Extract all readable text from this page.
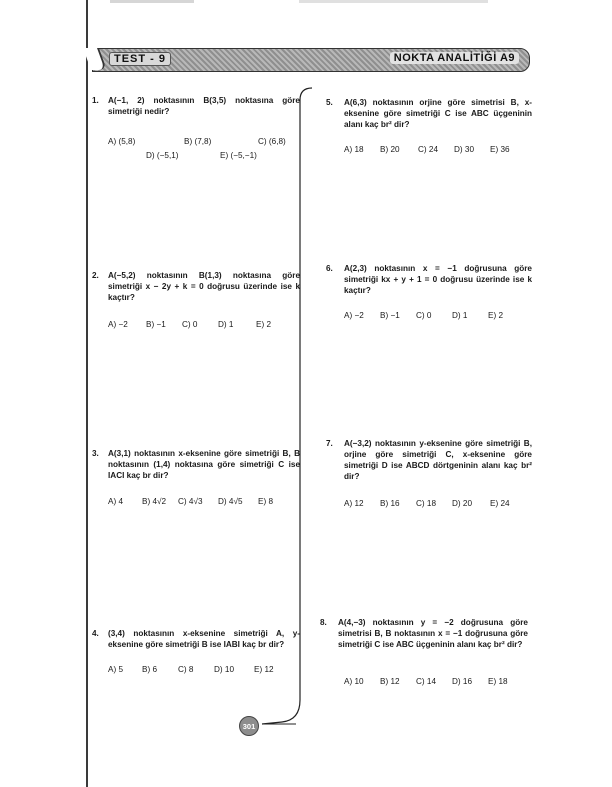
TEST - 9	NOKTA ANALİTİĞİ A9
1. A(−1, 2) noktasının B(3,5) noktasına göre simetriği nedir?
A) (5,8)	B) (7,8)	C) (6,8)
D) (−5,1)	E) (−5,−1)
2. A(−5,2) noktasının B(1,3) noktasına göre simetriği x − 2y + k = 0 doğrusu üzerinde ise k kaçtır?
A) −2 B) −1 C) 0	D) 1	E) 2
3. A(3,1) noktasının x-eksenine göre simetriği B, B noktasının (1,4) noktasına göre simetriği C ise IACI kaç br dir?
A) 4 B) 4√2 C) 4√3 D) 4√5 E) 8
4. (3,4) noktasının x-eksenine simetriği A, y-eksenine göre simetriği B ise IABI kaç br dir?
A) 5 B) 6	C) 8	D) 10 E) 12
5. A(6,3) noktasının orjine göre simetrisi B, x-eksenine göre simetriği C ise ABC üçgeninin alanı kaç br² dir?
A) 18 B) 20 C) 24 D) 30 E) 36
6. A(2,3) noktasının x = −1 doğrusuna göre simetriği kx + y + 1 = 0 doğrusu üzerinde ise k kaçtır?
A) −2 B) −1 C) 0	D) 1	E) 2
7. A(−3,2) noktasının y-eksenine göre simetriği B, orjine göre simetriği C, x-eksenine göre simetriği D ise ABCD dörtgeninin alanı kaç br² dir?
A) 12 B) 16 C) 18 D) 20 E) 24
8. A(4,−3) noktasının y = −2 doğrusuna göre simetrisi B, B noktasının x = −1 doğrusuna göre simetriği C ise ABC üçgeninin alanı kaç br² dir?
A) 10 B) 12 C) 14 D) 16 E) 18
301
